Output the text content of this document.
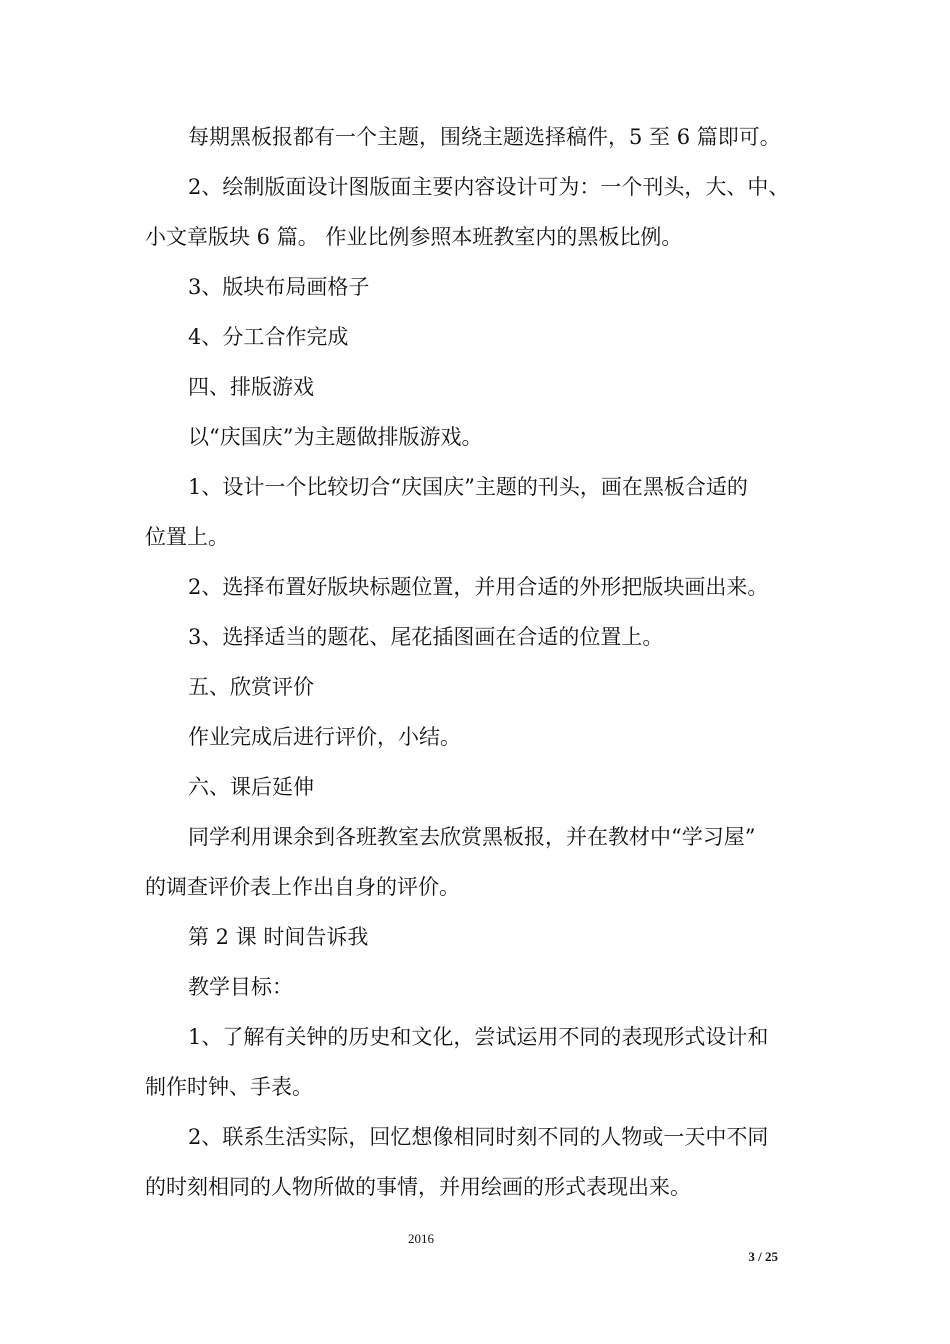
每期黑板报都有一个主题，围绕主题选择稿件，5 至 6 篇即可。
2、绘制版面设计图版面主要内容设计可为：一个刊头，大、中、
小文章版块 6 篇。 作业比例参照本班教室内的黑板比例。
3、版块布局画格子
4、分工合作完成
四、排版游戏
以“庆国庆”为主题做排版游戏。
1、设计一个比较切合“庆国庆”主题的刊头，画在黑板合适的
位置上。
2、选择布置好版块标题位置，并用合适的外形把版块画出来。
3、选择适当的题花、尾花插图画在合适的位置上。
五、欣赏评价
作业完成后进行评价，小结。
六、课后延伸
同学利用课余到各班教室去欣赏黑板报，并在教材中“学习屋”
的调查评价表上作出自身的评价。
第 2 课 时间告诉我
教学目标：
1、了解有关钟的历史和文化，尝试运用不同的表现形式设计和
制作时钟、手表。
2、联系生活实际，回忆想像相同时刻不同的人物或一天中不同
的时刻相同的人物所做的事情，并用绘画的形式表现出来。
2016
3 / 25
